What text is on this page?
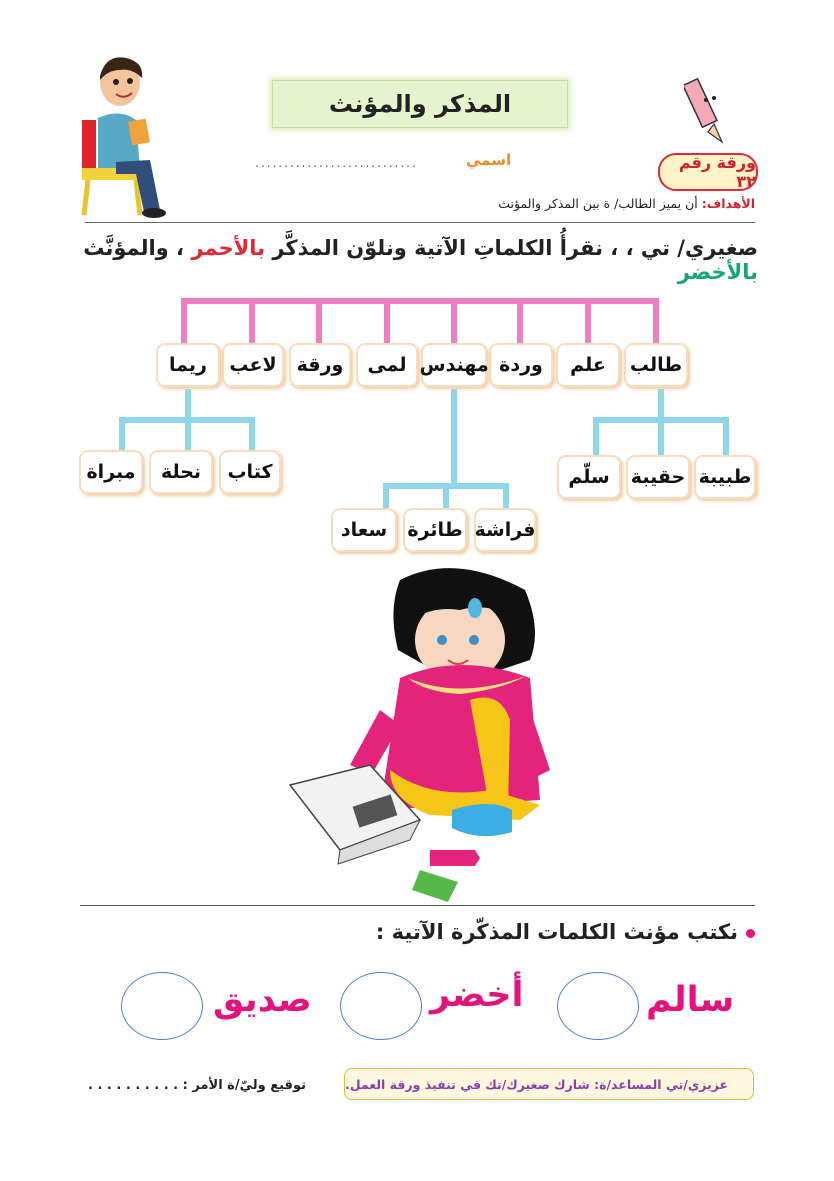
المذكر والمؤنث
ورقة رقم ٣٢
اسمي
............................
الأهداف: أن يميز الطالب/ ة بين المذكر والمؤنث
صغيري/ تي ، ، نقرأُ الكلماتِ الآتية ونلوّن المذكَّر بالأحمر ، والمؤنَّث بالأخضر
طالب
علم
وردة
مهندس
لمى
ورقة
لاعب
ريما
طبيبة
حقيبة
سلّم
فراشة
طائرة
سعاد
كتاب
نحلة
مبراة
نكتب مؤنث الكلمات المذكّرة الآتية :
سالم
أخضر
صديق
عزيزي/تي المساعد/ة: شارك صغيرك/تك في تنفيذ ورقة العمل.
توقيع وليّ/ة الأمر : . . . . . . . . . .
